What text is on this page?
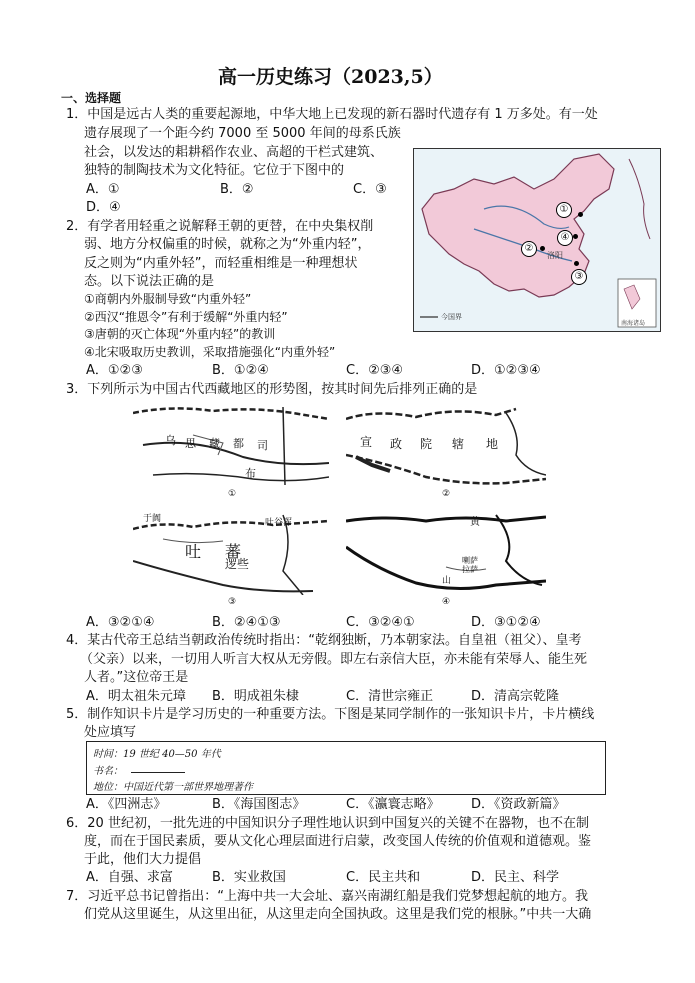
高一历史练习（2023,5）
一、选择题
1．中国是远古人类的重要起源地，中华大地上已发现的新石器时代遗存有 1 万多处。有一处
遗存展现了一个距今约 7000 至 5000 年间的母系氏族
社会，以发达的耜耕稻作农业、高超的干栏式建筑、
独特的制陶技术为文化特征。它位于下图中的
A．①	B．②	C．③
D．④	①
②
③
④
洛阳
今国界
南海诸岛
2．有学者用轻重之说解释王朝的更替，在中央集权削
弱、地方分权偏重的时候，就称之为“外重内轻”，
反之则为“内重外轻”，而轻重相维是一种理想状
态。以下说法正确的是
①商朝内外服制导致“内重外轻”
②西汉“推恩令”有利于缓解“外重内轻”
③唐朝的灭亡体现“外重内轻”的教训
④北宋吸取历史教训，采取措施强化“内重外轻”
A．①②③	B．①②④	C．②③④	D．①②③④
3．下列所示为中国古代西藏地区的形势图，按其时间先后排列正确的是
乌 思 藏 都 司
布
①
宣 政 院 辖 地
②
于阗	吐谷浑
吐 蕃
逻些
③
黄
喇萨
拉萨
山
④
A．③②①④	B．②④①③	C．③②④①	D．③①②④
4．某古代帝王总结当朝政治传统时指出：“乾纲独断，乃本朝家法。自皇祖（祖父）、皇考
（父亲）以来，一切用人听言大权从无旁假。即左右亲信大臣，亦未能有荣辱人、能生死
人者。”这位帝王是
A．明太祖朱元璋 B．明成祖朱棣	C．清世宗雍正	D．清高宗乾隆
5．制作知识卡片是学习历史的一种重要方法。下图是某同学制作的一张知识卡片，卡片横线
处应填写
时间：19 世纪 40—50 年代
书名：
地位：中国近代第一部世界地理著作
A．《四洲志》	B．《海国图志》	C．《瀛寰志略》 D．《资政新篇》
6．20 世纪初，一批先进的中国知识分子理性地认识到中国复兴的关键不在器物，也不在制
度，而在于国民素质，要从文化心理层面进行启蒙，改变国人传统的价值观和道德观。鉴
于此，他们大力提倡
A．自强、求富	B．实业救国	C．民主共和	D．民主、科学
7．习近平总书记曾指出：“上海中共一大会址、嘉兴南湖红船是我们党梦想起航的地方。我
们党从这里诞生，从这里出征，从这里走向全国执政。这里是我们党的根脉。”中共一大确
